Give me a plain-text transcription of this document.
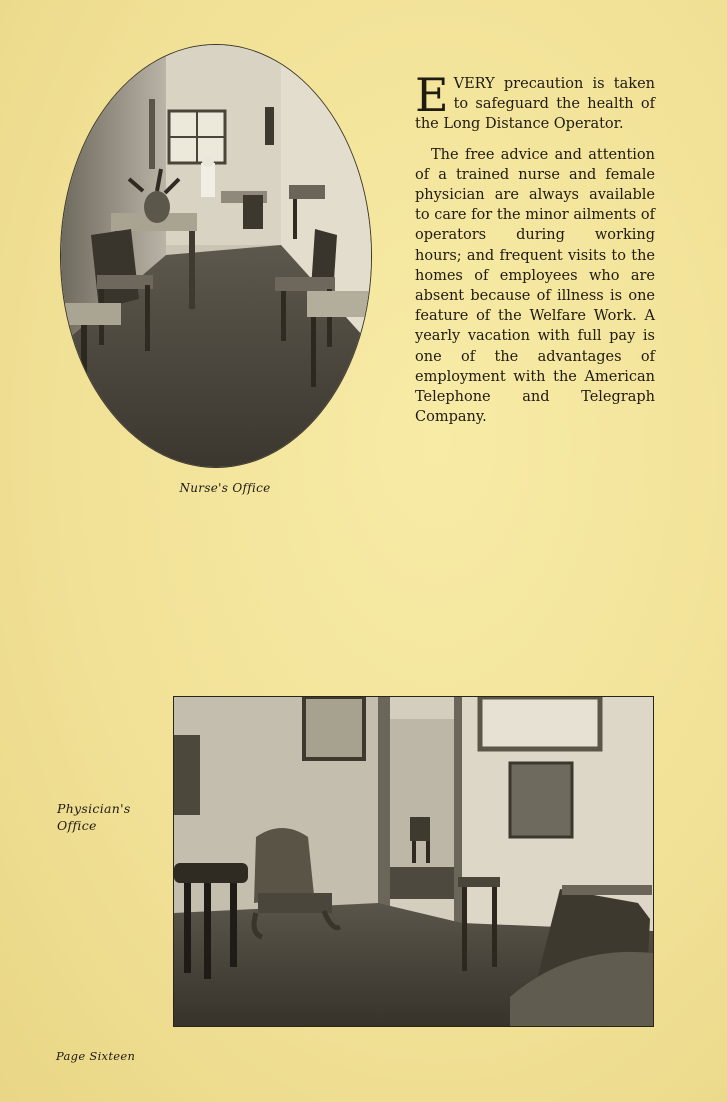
Nurse's Office

EVERY precaution is taken to safeguard the health of the Long Distance Operator.

The free advice and attention of a trained nurse and female physician are always available to care for the minor ailments of operators during working hours; and frequent visits to the homes of employees who are absent because of illness is one feature of the Welfare Work. A yearly vacation with full pay is one of the advantages of employment with the American Telephone and Telegraph Company.

Physician's
Office
Page Sixteen
